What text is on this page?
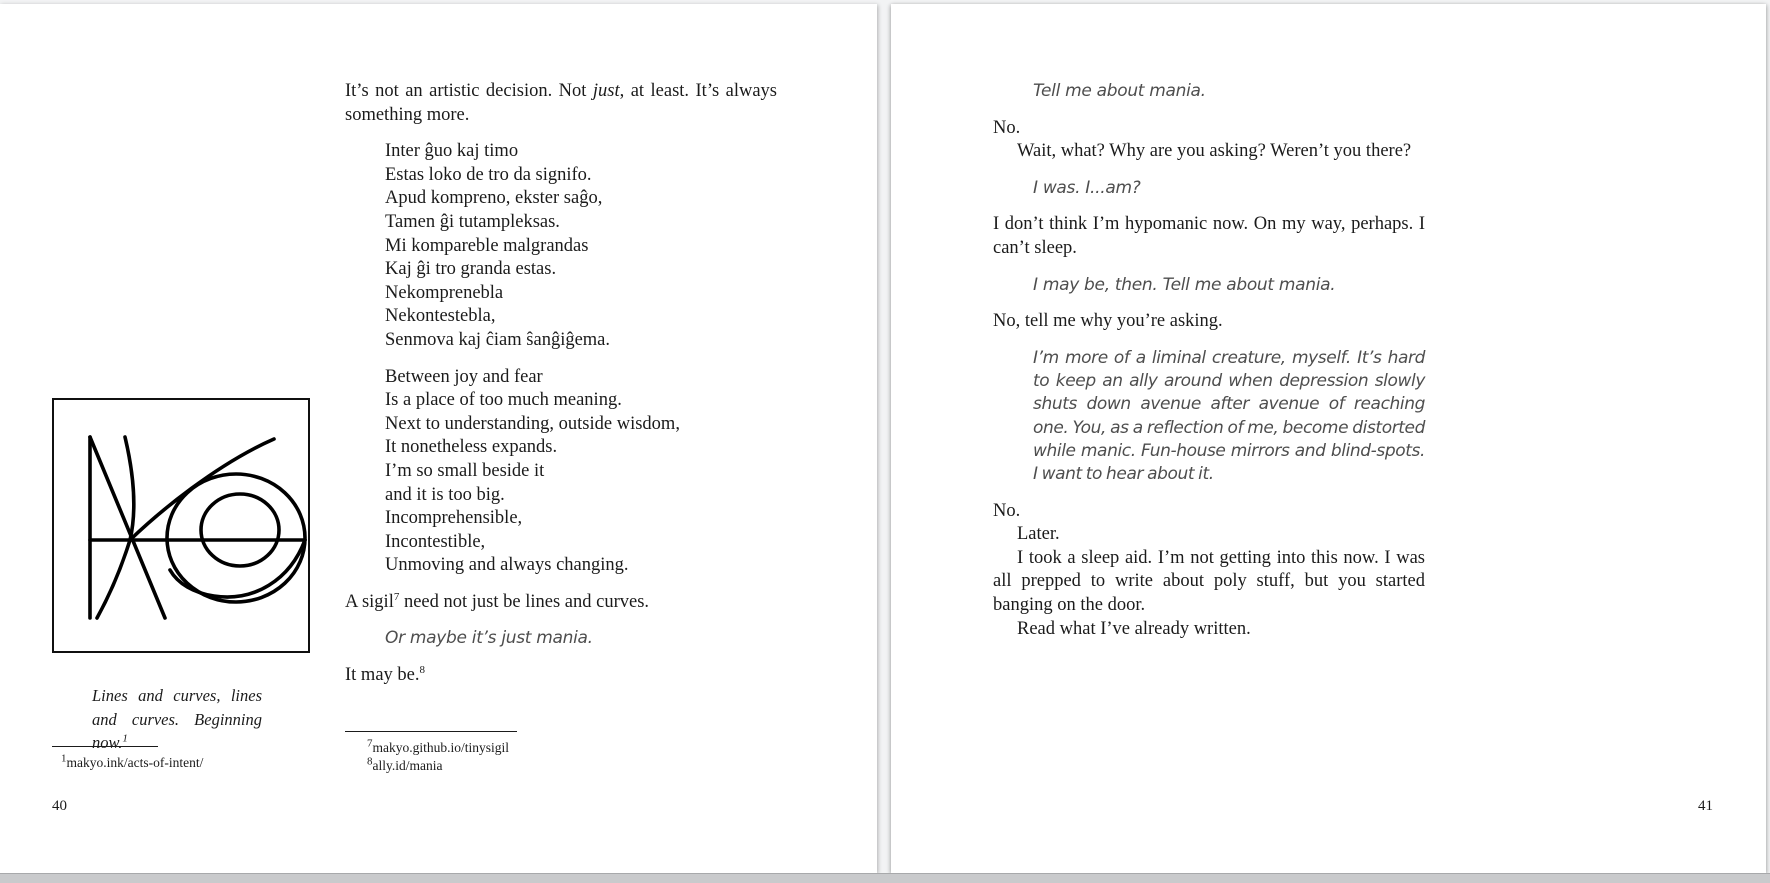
It’s not an artistic decision. Not just, at least. It’s always something more.

Inter ĝuo kaj timo
Estas loko de tro da signifo.
Apud kompreno, ekster saĝo,
Tamen ĝi tutampleksas.
Mi kompareble malgrandas
Kaj ĝi tro granda estas.
Nekomprenebla
Nekontestebla,
Senmova kaj ĉiam ŝanĝiĝema.
Between joy and fear
Is a place of too much meaning.
Next to understanding, outside wisdom,
It nonetheless expands.
I’m so small beside it
and it is too big.
Incomprehensible,
Incontestible,
Unmoving and always changing.

A sigil$^7$ need not just be lines and curves.

Or maybe it’s just mania.

It may be.$^8$

Lines and curves, lines and curves. Beginning now.$^1$
$^1$makyo.ink/acts-of-intent/
$^7$makyo.github.io/tinysigil
$^8$ally.id/mania
40

Tell me about mania.

No.

Wait, what? Why are you asking? Weren’t you there?

I was. I...am?

I don’t think I’m hypomanic now. On my way, perhaps. I can’t sleep.

I may be, then. Tell me about mania.

No, tell me why you’re asking.

I’m more of a liminal creature, myself. It’s hard to keep an ally around when depression slowly shuts down avenue after avenue of reaching one. You, as a reflection of me, become distorted while manic. Fun-house mirrors and blind-spots. I want to hear about it.

No.

Later.

I took a sleep aid. I’m not getting into this now. I was all prepped to write about poly stuff, but you started banging on the door.

Read what I’ve already written.

41
